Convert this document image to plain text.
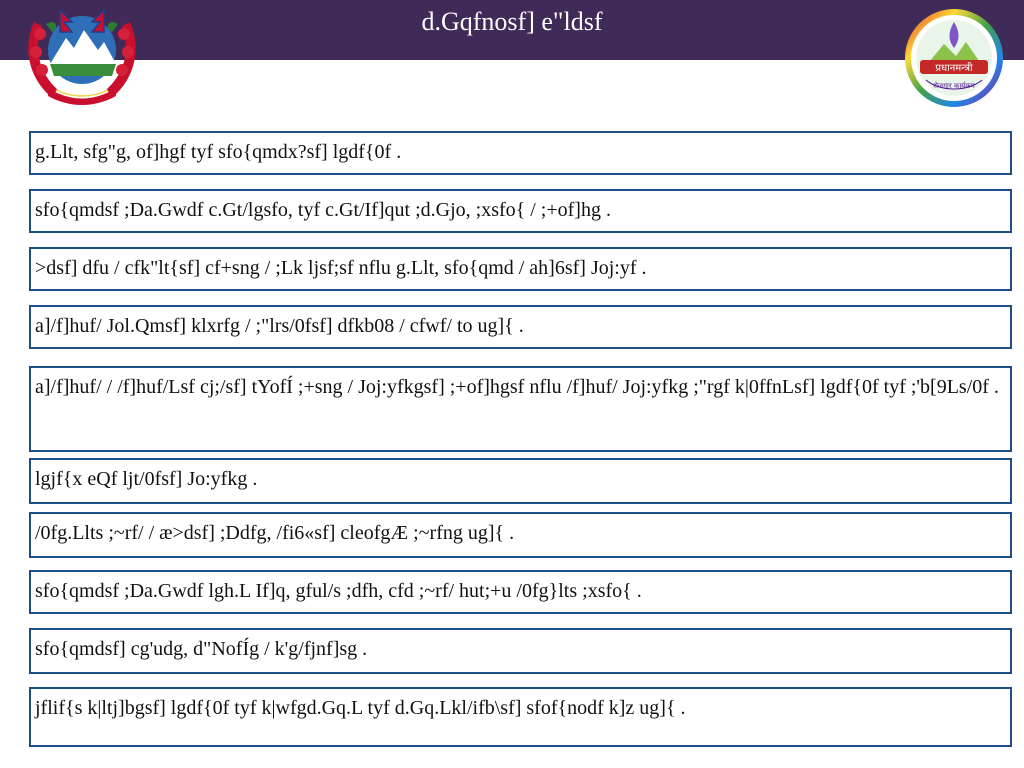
d.Gqfnosf] e"ldsf
प्रधानमन्त्री
रोजगार कार्यक्रम
g.Llt, sfg"g, of]hgf tyf sfo{qmdx?sf] lgdf{0f .
sfo{qmdsf ;Da.Gwdf c.Gt/lgsfo, tyf c.Gt/If]qut ;d.Gjo, ;xsfo{ / ;+of]hg .
>dsf] dfu / cfk"lt{sf] cf+sng / ;Lk ljsf;sf nflu g.Llt, sfo{qmd / ah]6sf] Joj:yf .
a]/f]huf/ Jol.Qmsf] klxrfg / ;"lrs/0fsf] dfkb08 / cfwf/ to ug]{ .
a]/f]huf/ / /f]huf/Lsf cj;/sf] tYofÍ ;+sng / Joj:yfkgsf] ;+of]hgsf nflu /f]huf/ Joj:yfkg ;"rgf k|0ffnLsf] lgdf{0f tyf ;'b[9Ls/0f .
lgjf{x eQf ljt/0fsf] Jo:yfkg .
/0fg.Llts ;~rf/ / æ>dsf] ;Ddfg, /fi6«sf] cleofgÆ ;~rfng ug]{ .
sfo{qmdsf ;Da.Gwdf lgh.L If]q, gful/s ;dfh, cfd ;~rf/ hut;+u /0fg}lts ;xsfo{ .
sfo{qmdsf] cg'udg, d"NofÍg / k'g/fjnf]sg .
jflif{s k|ltj]bgsf] lgdf{0f tyf k|wfgd.Gq.L tyf d.Gq.Lkl/ifb\sf] sfof{nodf k]z ug]{ .
